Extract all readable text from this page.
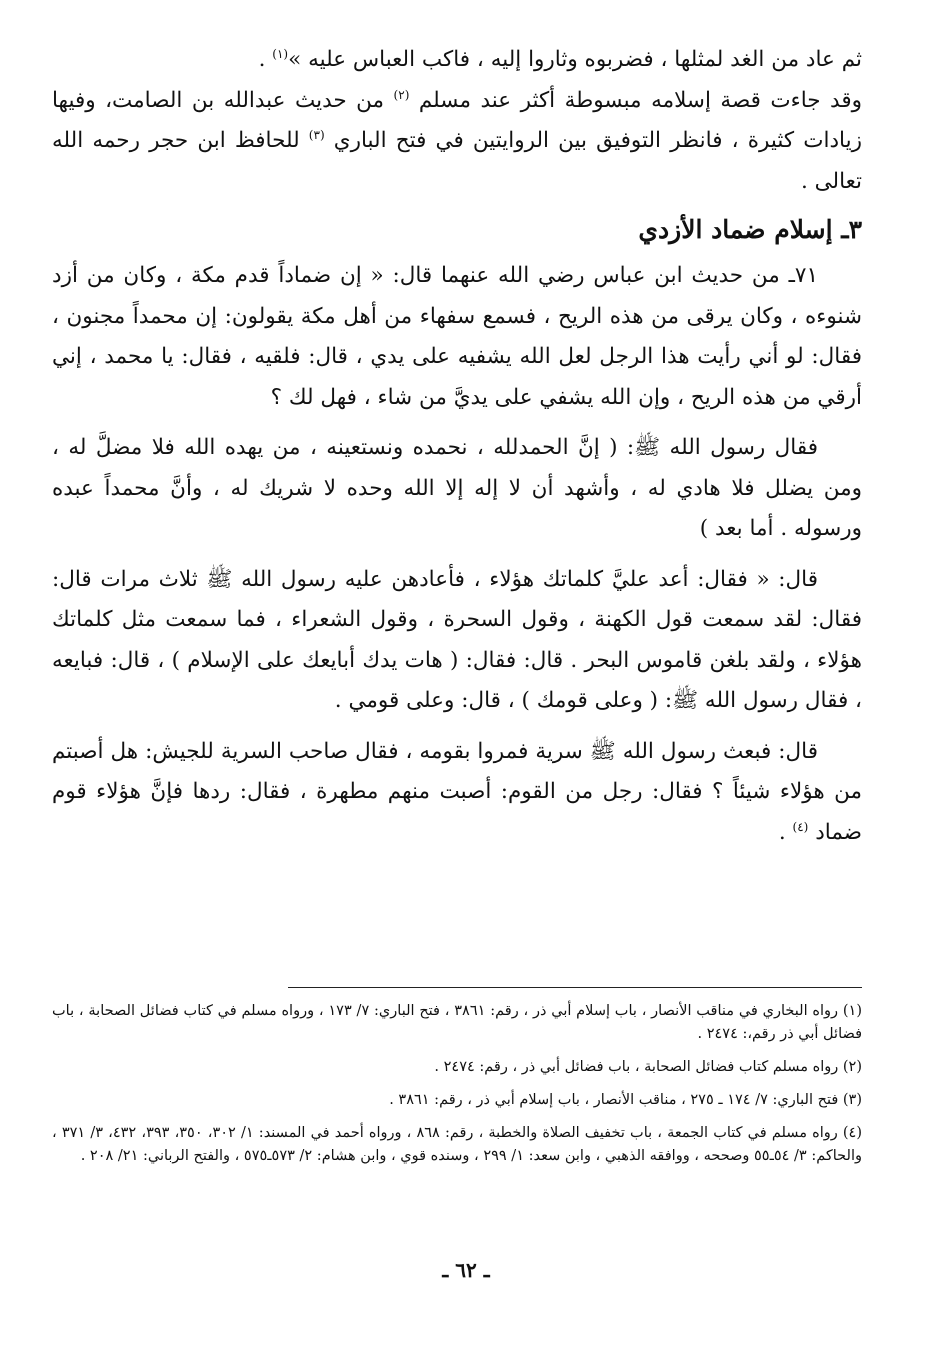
ثم عاد من الغد لمثلها ، فضربوه وثاروا إليه ، فاكب العباس عليه »$^{(١)}$ .

وقد جاءت قصة إسلامه مبسوطة أكثر عند مسلم $^{(٢)}$ من حديث عبدالله بن الصامت، وفيها زيادات كثيرة ، فانظر التوفيق بين الروايتين في فتح الباري $^{(٣)}$ للحافظ ابن حجر رحمه الله تعالى .

٣ـ إسلام ضماد الأزدي

٧١ـ من حديث ابن عباس رضي الله عنهما قال: « إن ضماداً قدم مكة ، وكان من أزد شنوءه ، وكان يرقى من هذه الريح ، فسمع سفهاء من أهل مكة يقولون: إن محمداً مجنون ، فقال: لو أني رأيت هذا الرجل لعل الله يشفيه على يدي ، قال: فلقيه ، فقال: يا محمد ، إني أرقي من هذه الريح ، وإن الله يشفي على يديَّ من شاء ، فهل لك ؟

فقال رسول الله ﷺ: ( إنَّ الحمدلله ، نحمده ونستعينه ، من يهده الله فلا مضلَّ له ، ومن يضلل فلا هادي له ، وأشهد أن لا إله إلا الله وحده لا شريك له ، وأنَّ محمداً عبده ورسوله . أما بعد )

قال: « فقال: أعد عليَّ كلماتك هؤلاء ، فأعادهن عليه رسول الله ﷺ ثلاث مرات قال: فقال: لقد سمعت قول الكهنة ، وقول السحرة ، وقول الشعراء ، فما سمعت مثل كلماتك هؤلاء ، ولقد بلغن قاموس البحر . قال: فقال: ( هات يدك أبايعك على الإسلام ) ، قال: فبايعه ، فقال رسول الله ﷺ: ( وعلى قومك ) ، قال: وعلى قومي .

قال: فبعث رسول الله ﷺ سرية فمروا بقومه ، فقال صاحب السرية للجيش: هل أصبتم من هؤلاء شيئاً ؟ فقال: رجل من القوم: أصبت منهم مطهرة ، فقال: ردها فإنَّ هؤلاء قوم ضماد $^{(٤)}$ .

(١) رواه البخاري في مناقب الأنصار ، باب إسلام أبي ذر ، رقم: ٣٨٦١ ، فتح الباري: ٧/ ١٧٣ ، ورواه مسلم في كتاب فضائل الصحابة ، باب فضائل أبي ذر رقم،: ٢٤٧٤ .

(٢) رواه مسلم كتاب فضائل الصحابة ، باب فضائل أبي ذر ، رقم: ٢٤٧٤ .

(٣) فتح الباري: ٧/ ١٧٤ ـ ٢٧٥ ، مناقب الأنصار ، باب إسلام أبي ذر ، رقم: ٣٨٦١ .

(٤) رواه مسلم في كتاب الجمعة ، باب تخفيف الصلاة والخطبة ، رقم: ٨٦٨ ، ورواه أحمد في المسند: ١/ ٣٠٢، ٣٥٠، ٣٩٣، ٤٣٢، ٣/ ٣٧١ ، والحاكم: ٣/ ٥٤ـ٥٥ وصححه ، ووافقه الذهبي ، وابن سعد: ١/ ٢٩٩ ، وسنده قوي ، وابن هشام: ٢/ ٥٧٣ـ٥٧٥ ، والفتح الرباني: ٢١/ ٢٠٨ .

ـ ٦٢ ـ
